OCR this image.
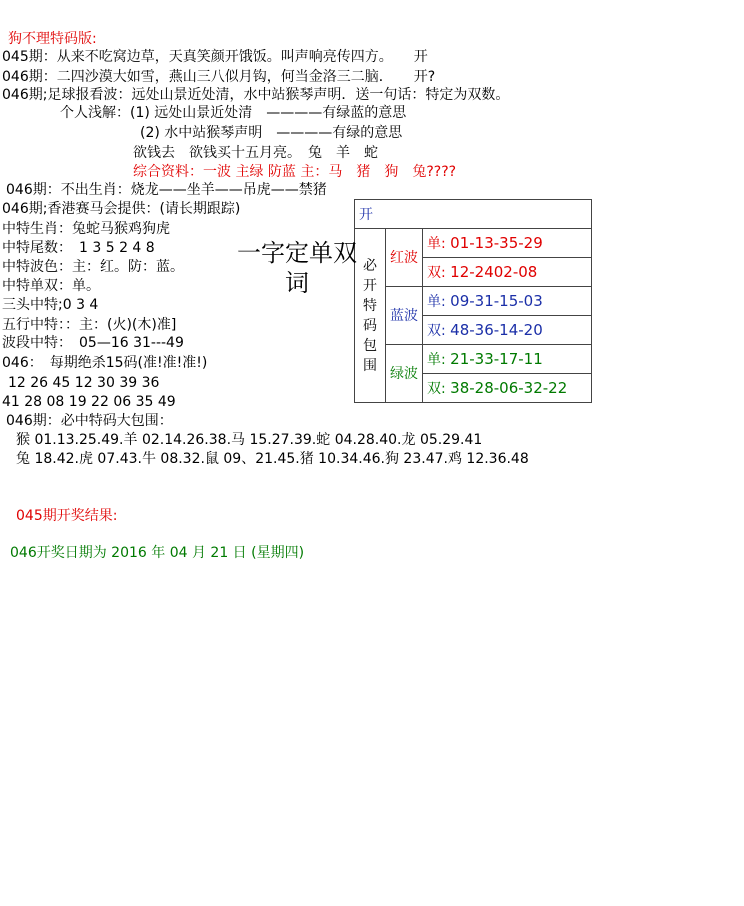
狗不理特码版:
045期：从来不吃窝边草，天真笑颜开饿饭。叫声响亮传四方。　　开
046期：二四沙漠大如雪，燕山三八似月钩，何当金洛三二脑．　　开?
046期;足球报看波：远处山景近处清，水中站猴琴声明．送一句话：特定为双数。
个人浅解：(1) 远处山景近处清　————有绿蓝的意思
(2) 水中站猴琴声明　————有绿的意思
欲钱去　欲钱买十五月亮。　兔　羊　蛇
综合资料：一波 主绿 防蓝 主：马　猪　狗　兔????
046期：不出生肖：烧龙——坐羊——吊虎——禁猪
046期;香港赛马会提供：(请长期跟踪)
中特生肖：兔蛇马猴鸡狗虎
中特尾数：　1 3 5 2 4 8
中特波色：主：红。防：蓝。
中特单双：单。
三头中特;0 3 4
五行中特：：主：(火)(木)准]
波段中特：　05—16 31---49
046：　每期绝杀15码(准!准!准!)
12 26 45 12 30 39 36
41 28 08 19 22 06 35 49
046期：必中特码大包围：
猴 01.13.25.49.羊 02.14.26.38.马 15.27.39.蛇 04.28.40.龙 05.29.41
兔 18.42.虎 07.43.牛 08.32.鼠 09、21.45.猪 10.34.46.狗 23.47.鸡 12.36.48
045期开奖结果:
046开奖日期为 2016 年 04 月 21 日 (星期四)
开		
必开特码包围	红波	单: 01-13-35-29
		双: 12-2402-08
	蓝波	单: 09-31-15-03
		双: 48-36-14-20
	绿波	单: 21-33-17-11
		双: 38-28-06-32-22
一字定单双
词
